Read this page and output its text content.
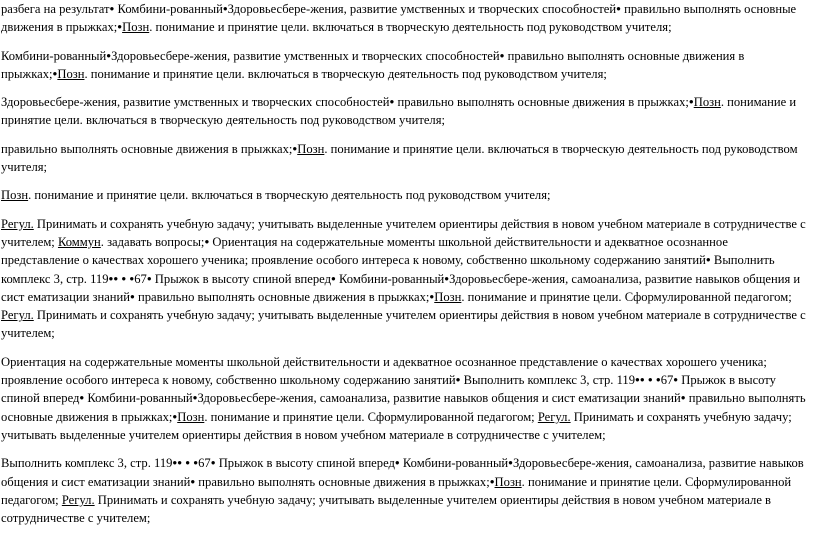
разбега на результат ● Комбини-рованный ● Здоровьесбере-жения, развитие умственных и творческих способностей● правильно выполнять основные движения в прыжках; ● Позн. понимание и принятие цели. включаться в творческую деятельность под руководством учителя;

Комбини-рованный ● Здоровьесбере-жения, развитие умственных и творческих способностей● правильно выполнять основные движения в прыжках; ● Позн. понимание и принятие цели. включаться в творческую деятельность под руководством учителя;

Здоровьесбере-жения, развитие умственных и творческих способностей● правильно выполнять основные движения в прыжках; ● Позн. понимание и принятие цели. включаться в творческую деятельность под руководством учителя;

правильно выполнять основные движения в прыжках; ● Позн. понимание и принятие цели. включаться в творческую деятельность под руководством учителя;

Позн. понимание и принятие цели. включаться в творческую деятельность под руководством учителя;

Регул. Принимать и сохранять учебную задачу; учитывать выделенные учителем ориентиры действия в новом учебном материале в сотрудничестве с учителем; Коммун. задавать вопросы;● Ориентация на содержательные моменты школьной действительности и адекватное осознанное представление о качествах хорошего ученика; проявление особого интереса к новому, собственно школьному содержанию занятий● Выполнить комплекс 3, стр. 119 ● ● ● ● 67● Прыжок в высоту спиной вперед ● Комбини-рованный ● Здоровьесбере-жения, самоанализа, развитие навыков общения и сист ематизации знаний● правильно выполнять основные движения в прыжках; ● Позн. понимание и принятие цели. Сформулированной педагогом; Регул. Принимать и сохранять учебную задачу; учитывать выделенные учителем ориентиры действия в новом учебном материале в сотрудничестве с учителем;

Ориентация на содержательные моменты школьной действительности и адекватное осознанное представление о качествах хорошего ученика; проявление особого интереса к новому, собственно школьному содержанию занятий● Выполнить комплекс 3, стр. 119 ● ● ● ● 67● Прыжок в высоту спиной вперед ● Комбини-рованный ● Здоровьесбере-жения, самоанализа, развитие навыков общения и сист ематизации знаний● правильно выполнять основные движения в прыжках; ● Позн. понимание и принятие цели. Сформулированной педагогом; Регул. Принимать и сохранять учебную задачу; учитывать выделенные учителем ориентиры действия в новом учебном материале в сотрудничестве с учителем;

Выполнить комплекс 3, стр. 119 ● ● ● ● 67● Прыжок в высоту спиной вперед ● Комбини-рованный ● Здоровьесбере-жения, самоанализа, развитие навыков общения и сист ематизации знаний● правильно выполнять основные движения в прыжках; ● Позн. понимание и принятие цели. Сформулированной педагогом; Регул. Принимать и сохранять учебную задачу; учитывать выделенные учителем ориентиры действия в новом учебном материале в сотрудничестве с учителем;
